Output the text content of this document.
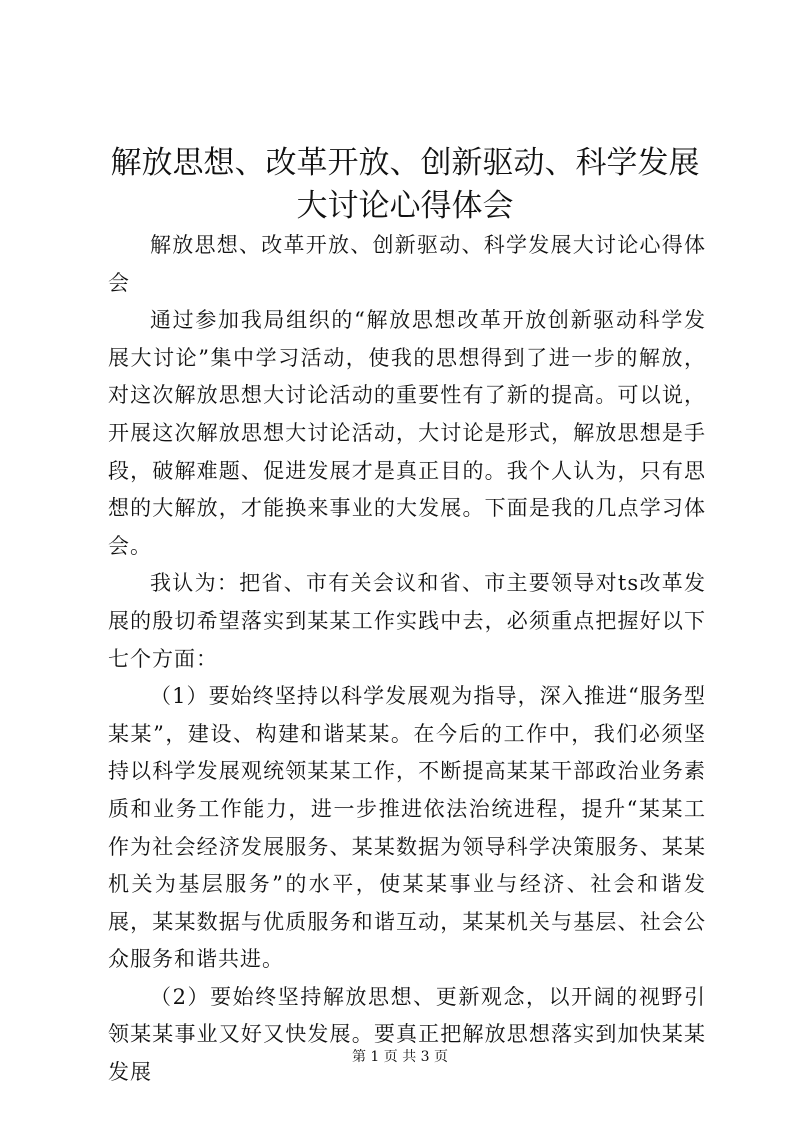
解放思想、改革开放、创新驱动、科学发展大讨论心得体会

解放思想、改革开放、创新驱动、科学发展大讨论心得体会

通过参加我局组织的“解放思想改革开放创新驱动科学发展大讨论”集中学习活动，使我的思想得到了进一步的解放，对这次解放思想大讨论活动的重要性有了新的提高。可以说，开展这次解放思想大讨论活动，大讨论是形式，解放思想是手段，破解难题、促进发展才是真正目的。我个人认为，只有思想的大解放，才能换来事业的大发展。下面是我的几点学习体会。

我认为：把省、市有关会议和省、市主要领导对ts改革发展的殷切希望落实到某某工作实践中去，必须重点把握好以下七个方面：

（1）要始终坚持以科学发展观为指导，深入推进“服务型某某”，建设、构建和谐某某。在今后的工作中，我们必须坚持以科学发展观统领某某工作，不断提高某某干部政治业务素质和业务工作能力，进一步推进依法治统进程，提升“某某工作为社会经济发展服务、某某数据为领导科学决策服务、某某机关为基层服务”的水平，使某某事业与经济、社会和谐发展，某某数据与优质服务和谐互动，某某机关与基层、社会公众服务和谐共进。

（2）要始终坚持解放思想、更新观念，以开阔的视野引领某某事业又好又快发展。要真正把解放思想落实到加快某某发展

第 1 页 共 3 页
